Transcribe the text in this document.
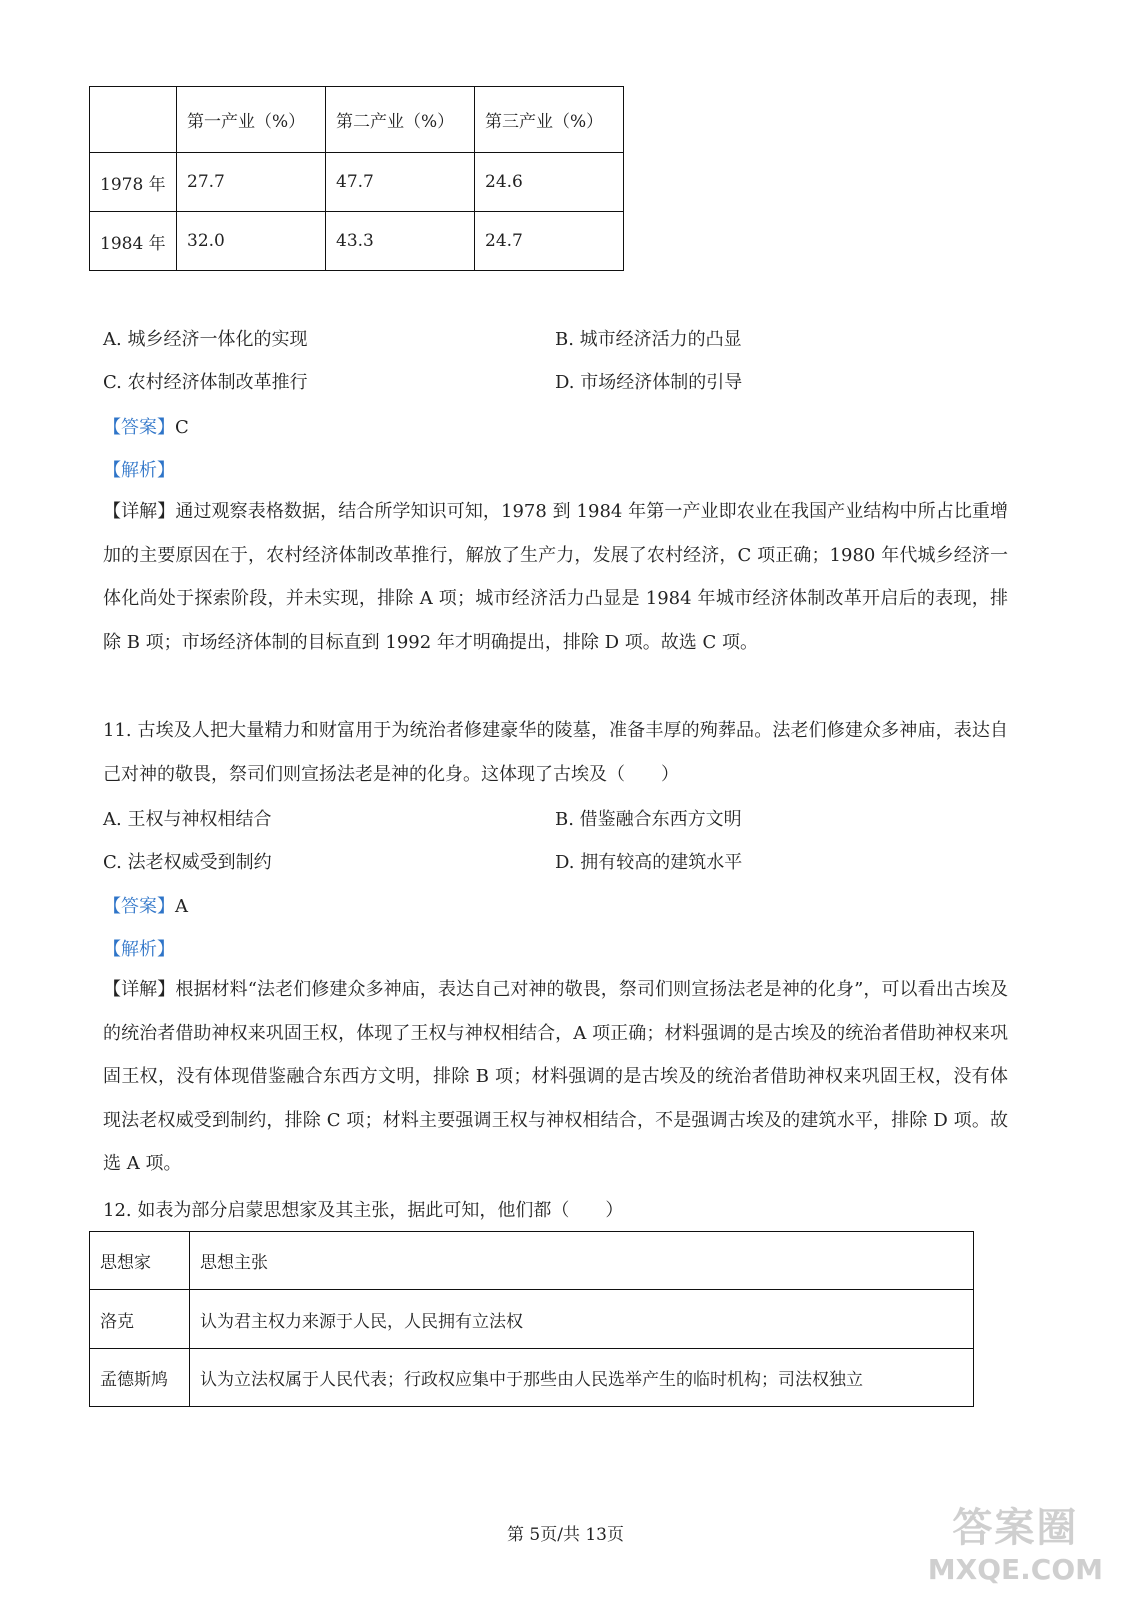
	第一产业（%）	第二产业（%）	第三产业（%）
1978 年	27.7	47.7	24.6
1984 年	32.0	43.3	24.7
A. 城乡经济一体化的实现	B. 城市经济活力的凸显
C. 农村经济体制改革推行	D. 市场经济体制的引导
【答案】C
【解析】
【详解】通过观察表格数据，结合所学知识可知，1978 到 1984 年第一产业即农业在我国产业结构中所占比重增加的主要原因在于，农村经济体制改革推行，解放了生产力，发展了农村经济，C 项正确；1980 年代城乡经济一体化尚处于探索阶段，并未实现，排除 A 项；城市经济活力凸显是 1984 年城市经济体制改革开启后的表现，排除 B 项；市场经济体制的目标直到 1992 年才明确提出，排除 D 项。故选 C 项。
11. 古埃及人把大量精力和财富用于为统治者修建豪华的陵墓，准备丰厚的殉葬品。法老们修建众多神庙，表达自己对神的敬畏，祭司们则宣扬法老是神的化身。这体现了古埃及（　　）
A. 王权与神权相结合	B. 借鉴融合东西方文明
C. 法老权威受到制约	D. 拥有较高的建筑水平
【答案】A
【解析】
【详解】根据材料“法老们修建众多神庙，表达自己对神的敬畏，祭司们则宣扬法老是神的化身”，可以看出古埃及的统治者借助神权来巩固王权，体现了王权与神权相结合，A 项正确；材料强调的是古埃及的统治者借助神权来巩固王权，没有体现借鉴融合东西方文明，排除 B 项；材料强调的是古埃及的统治者借助神权来巩固王权，没有体现法老权威受到制约，排除 C 项；材料主要强调王权与神权相结合，不是强调古埃及的建筑水平，排除 D 项。故选 A 项。
12. 如表为部分启蒙思想家及其主张，据此可知，他们都（　　）
思想家	思想主张
洛克	认为君主权力来源于人民，人民拥有立法权
孟德斯鸠	认为立法权属于人民代表；行政权应集中于那些由人民选举产生的临时机构；司法权独立
第 5页/共 13页	答案圈
MXQE.COM
